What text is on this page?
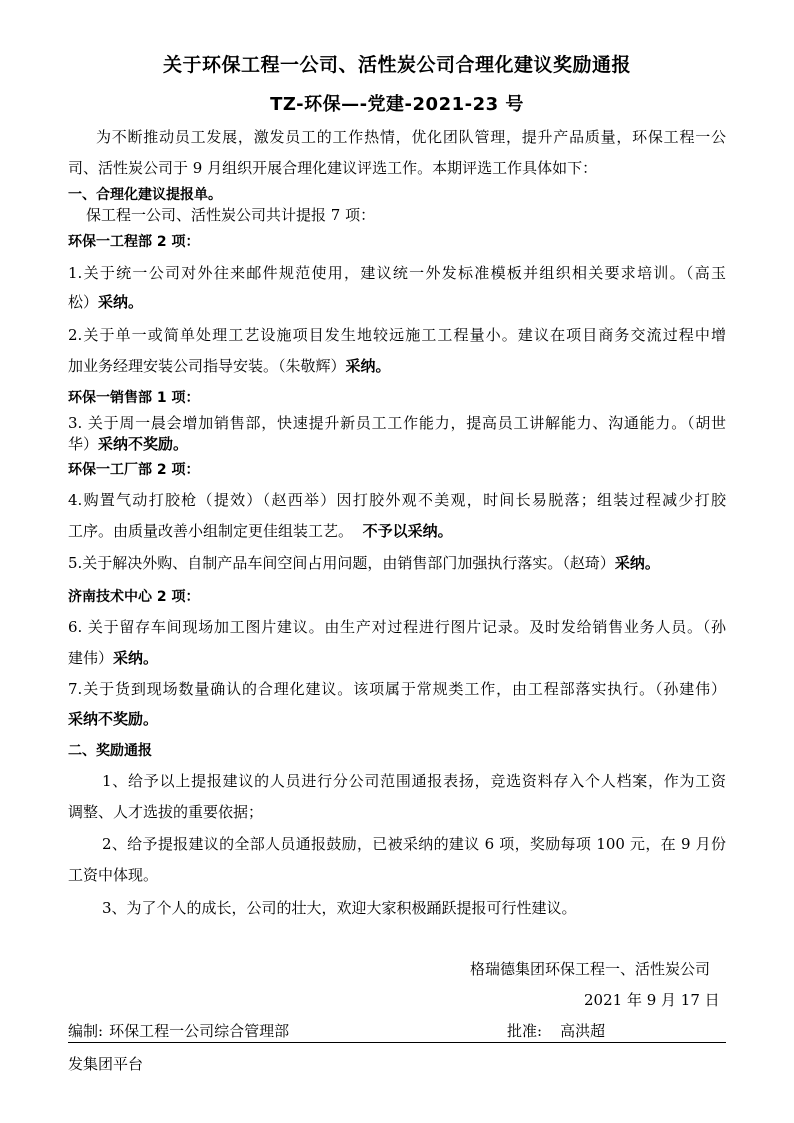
关于环保工程一公司、活性炭公司合理化建议奖励通报
TZ-环保—-党建-2021-23 号
为不断推动员工发展，激发员工的工作热情，优化团队管理，提升产品质量，环保工程一公
司、活性炭公司于 9 月组织开展合理化建议评选工作。本期评选工作具体如下：
一、合理化建议提报单。
保工程一公司、活性炭公司共计提报 7 项：
环保一工程部 2 项：
1.关于统一公司对外往来邮件规范使用，建议统一外发标准模板并组织相关要求培训。（高玉
松）采纳。
2.关于单一或简单处理工艺设施项目发生地较远施工工程量小。建议在项目商务交流过程中增
加业务经理安装公司指导安装。（朱敬辉）采纳。
环保一销售部 1 项：
3. 关于周一晨会增加销售部，快速提升新员工工作能力，提高员工讲解能力、沟通能力。（胡世
华）采纳不奖励。
环保一工厂部 2 项：
4.购置气动打胶枪（提效）（赵西举）因打胶外观不美观，时间长易脱落；组装过程减少打胶
工序。由质量改善小组制定更佳组装工艺。 不予以采纳。
5.关于解决外购、自制产品车间空间占用问题，由销售部门加强执行落实。（赵琦）采纳。
济南技术中心 2 项：
6. 关于留存车间现场加工图片建议。由生产对过程进行图片记录。及时发给销售业务人员。（孙
建伟）采纳。
7.关于货到现场数量确认的合理化建议。该项属于常规类工作，由工程部落实执行。（孙建伟）
采纳不奖励。
二、奖励通报
1、给予以上提报建议的人员进行分公司范围通报表扬，竞选资料存入个人档案，作为工资
调整、人才选拔的重要依据；
2、给予提报建议的全部人员通报鼓励，已被采纳的建议 6 项，奖励每项 100 元，在 9 月份
工资中体现。
3、为了个人的成长，公司的壮大，欢迎大家积极踊跃提报可行性建议。
格瑞德集团环保工程一、活性炭公司
2021 年 9 月 17 日
编制: 环保工程一公司综合管理部	批准: 高洪超
发集团平台
